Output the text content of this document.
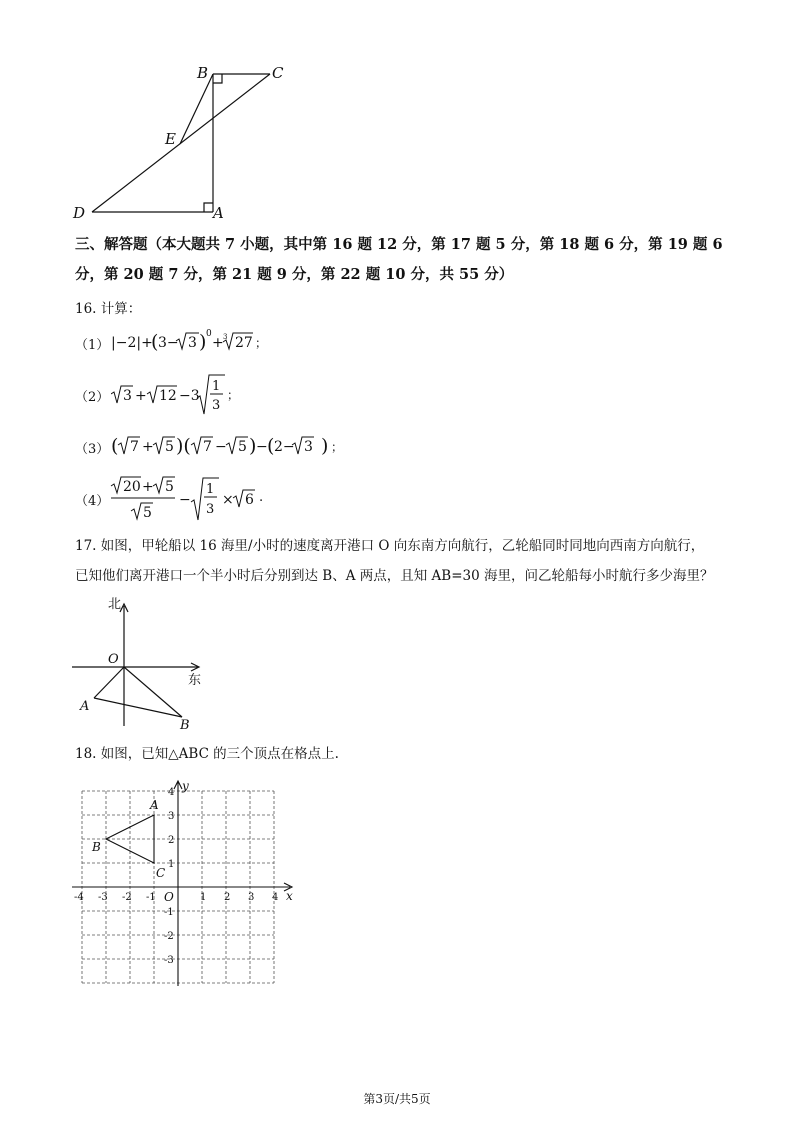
B	C
E
D	A
三、解答题（本大题共 7 小题，其中第 16 题 12 分，第 17 题 5 分，第 18 题 6 分，第 19 题 6 分，第 20 题 7 分，第 21 题 9 分，第 22 题 10 分，共 55 分）
16. 计算：
（1） |−2|+
( 3− 3 ) 0
+ 3 27 ；
（2） 3 + 12 −3
1
3
；
（3） ( 7 + 5 )( 7 − 5 ) − ( 2− 3 ) ；
（4）
20 + 5
5
−
1
3
× 6 .
17. 如图，甲轮船以 16 海里/小时的速度离开港口 O 向东南方向航行，乙轮船同时同地向西南方向航行，
已知他们离开港口一个半小时后分别到达 B、A 两点，且知 AB=30 海里，问乙轮船每小时航行多少海里？
北
东
O
A
B
18. 如图，已知△ABC 的三个顶点在格点上.
-4 -3 -2 -1	1 2 3 4
4
3
2
1
-1
-2
-3
x
y
O
A
B
C
第3页/共5页
